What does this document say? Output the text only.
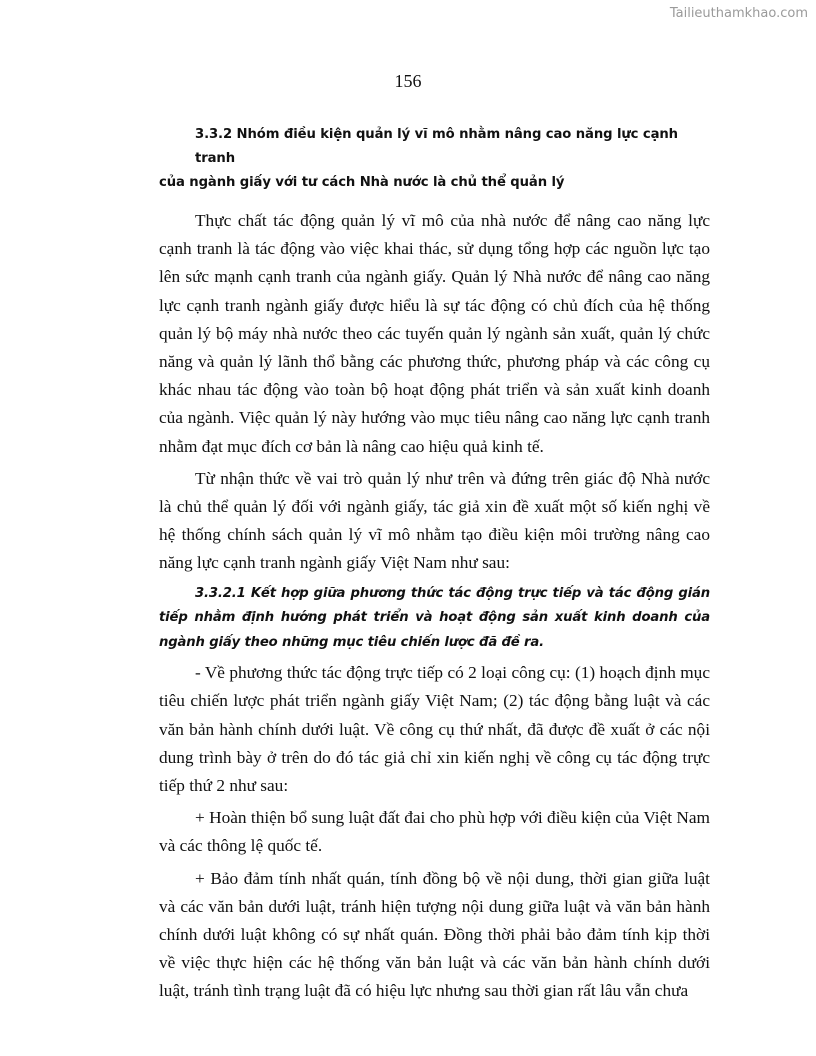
Tailieuthamkhao.com
156
3.3.2 Nhóm điều kiện quản lý vĩ mô nhằm nâng cao năng lực cạnh tranh
của ngành giấy với tư cách Nhà nước là chủ thể quản lý

Thực chất tác động quản lý vĩ mô của nhà nước để nâng cao năng lực cạnh tranh là tác động vào việc khai thác, sử dụng tổng hợp các nguồn lực tạo lên sức mạnh cạnh tranh của ngành giấy. Quản lý Nhà nước để nâng cao năng lực cạnh tranh ngành giấy được hiểu là sự tác động có chủ đích của hệ thống quản lý bộ máy nhà nước theo các tuyến quản lý ngành sản xuất, quản lý chức năng và quản lý lãnh thổ bằng các phương thức, phương pháp và các công cụ khác nhau tác động vào toàn bộ hoạt động phát triển và sản xuất kinh doanh của ngành. Việc quản lý này hướng vào mục tiêu nâng cao năng lực cạnh tranh nhằm đạt mục đích cơ bản là nâng cao hiệu quả kinh tế.

Từ nhận thức về vai trò quản lý như trên và đứng trên giác độ Nhà nước là chủ thể quản lý đối với ngành giấy, tác giả xin đề xuất một số kiến nghị về hệ thống chính sách quản lý vĩ mô nhằm tạo điều kiện môi trường nâng cao năng lực cạnh tranh ngành giấy Việt Nam như sau:

3.3.2.1 Kết hợp giữa phương thức tác động trực tiếp và tác động gián tiếp nhằm định hướng phát triển và hoạt động sản xuất kinh doanh của ngành giấy theo những mục tiêu chiến lược đã đề ra.

- Về phương thức tác động trực tiếp có 2 loại công cụ: (1) hoạch định mục tiêu chiến lược phát triển ngành giấy Việt Nam; (2) tác động bằng luật và các văn bản hành chính dưới luật. Về công cụ thứ nhất, đã được đề xuất ở các nội dung trình bày ở trên do đó tác giả chỉ xin kiến nghị về công cụ tác động trực tiếp thứ 2 như sau:

+ Hoàn thiện bổ sung luật đất đai cho phù hợp với điều kiện của Việt Nam và các thông lệ quốc tế.

+ Bảo đảm tính nhất quán, tính đồng bộ về nội dung, thời gian giữa luật và các văn bản dưới luật, tránh hiện tượng nội dung giữa luật và văn bản hành chính dưới luật không có sự nhất quán. Đồng thời phải bảo đảm tính kịp thời về việc thực hiện các hệ thống văn bản luật và các văn bản hành chính dưới luật, tránh tình trạng luật đã có hiệu lực nhưng sau thời gian rất lâu vẫn chưa
